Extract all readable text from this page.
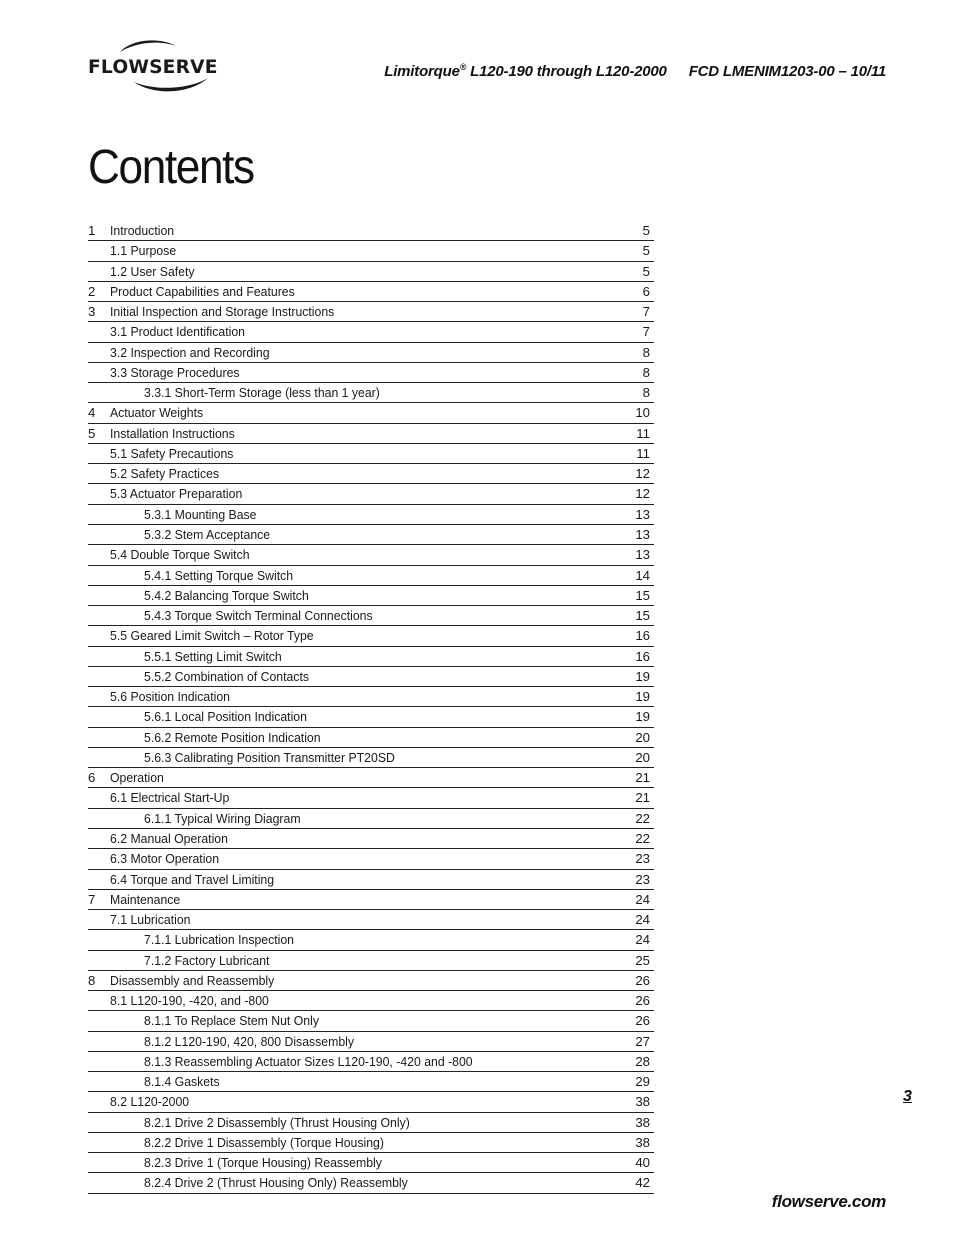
FLOWSERVE	Limitorque® L120-190 through L120-2000 FCD LMENIM1203-00 – 10/11
Contents
1 Introduction	5
1.1 Purpose	5
1.2 User Safety	5
2 Product Capabilities and Features	6
3 Initial Inspection and Storage Instructions	7
3.1 Product Identification	7
3.2 Inspection and Recording	8
3.3 Storage Procedures	8
3.3.1 Short-Term Storage (less than 1 year)	8
4 Actuator Weights	10
5 Installation Instructions	11
5.1 Safety Precautions	11
5.2 Safety Practices	12
5.3 Actuator Preparation	12
5.3.1 Mounting Base	13
5.3.2 Stem Acceptance	13
5.4 Double Torque Switch	13
5.4.1 Setting Torque Switch	14
5.4.2 Balancing Torque Switch	15
5.4.3 Torque Switch Terminal Connections	15
5.5 Geared Limit Switch – Rotor Type	16
5.5.1 Setting Limit Switch	16
5.5.2 Combination of Contacts	19
5.6 Position Indication	19
5.6.1 Local Position Indication	19
5.6.2 Remote Position Indication	20
5.6.3 Calibrating Position Transmitter PT20SD	20
6 Operation	21
6.1 Electrical Start-Up	21
6.1.1 Typical Wiring Diagram	22
6.2 Manual Operation	22
6.3 Motor Operation	23
6.4 Torque and Travel Limiting	23
7 Maintenance	24
7.1 Lubrication	24
7.1.1 Lubrication Inspection	24
7.1.2 Factory Lubricant	25
8 Disassembly and Reassembly	26
8.1 L120-190, -420, and -800	26
8.1.1 To Replace Stem Nut Only	26
8.1.2 L120-190, 420, 800 Disassembly	27
8.1.3 Reassembling Actuator Sizes L120-190, -420 and -800	28
8.1.4 Gaskets	29
8.2 L120-2000	38
8.2.1 Drive 2 Disassembly (Thrust Housing Only)	38
8.2.2 Drive 1 Disassembly (Torque Housing)	38
8.2.3 Drive 1 (Torque Housing) Reassembly	40
8.2.4 Drive 2 (Thrust Housing Only) Reassembly	42
3
flowserve.com
